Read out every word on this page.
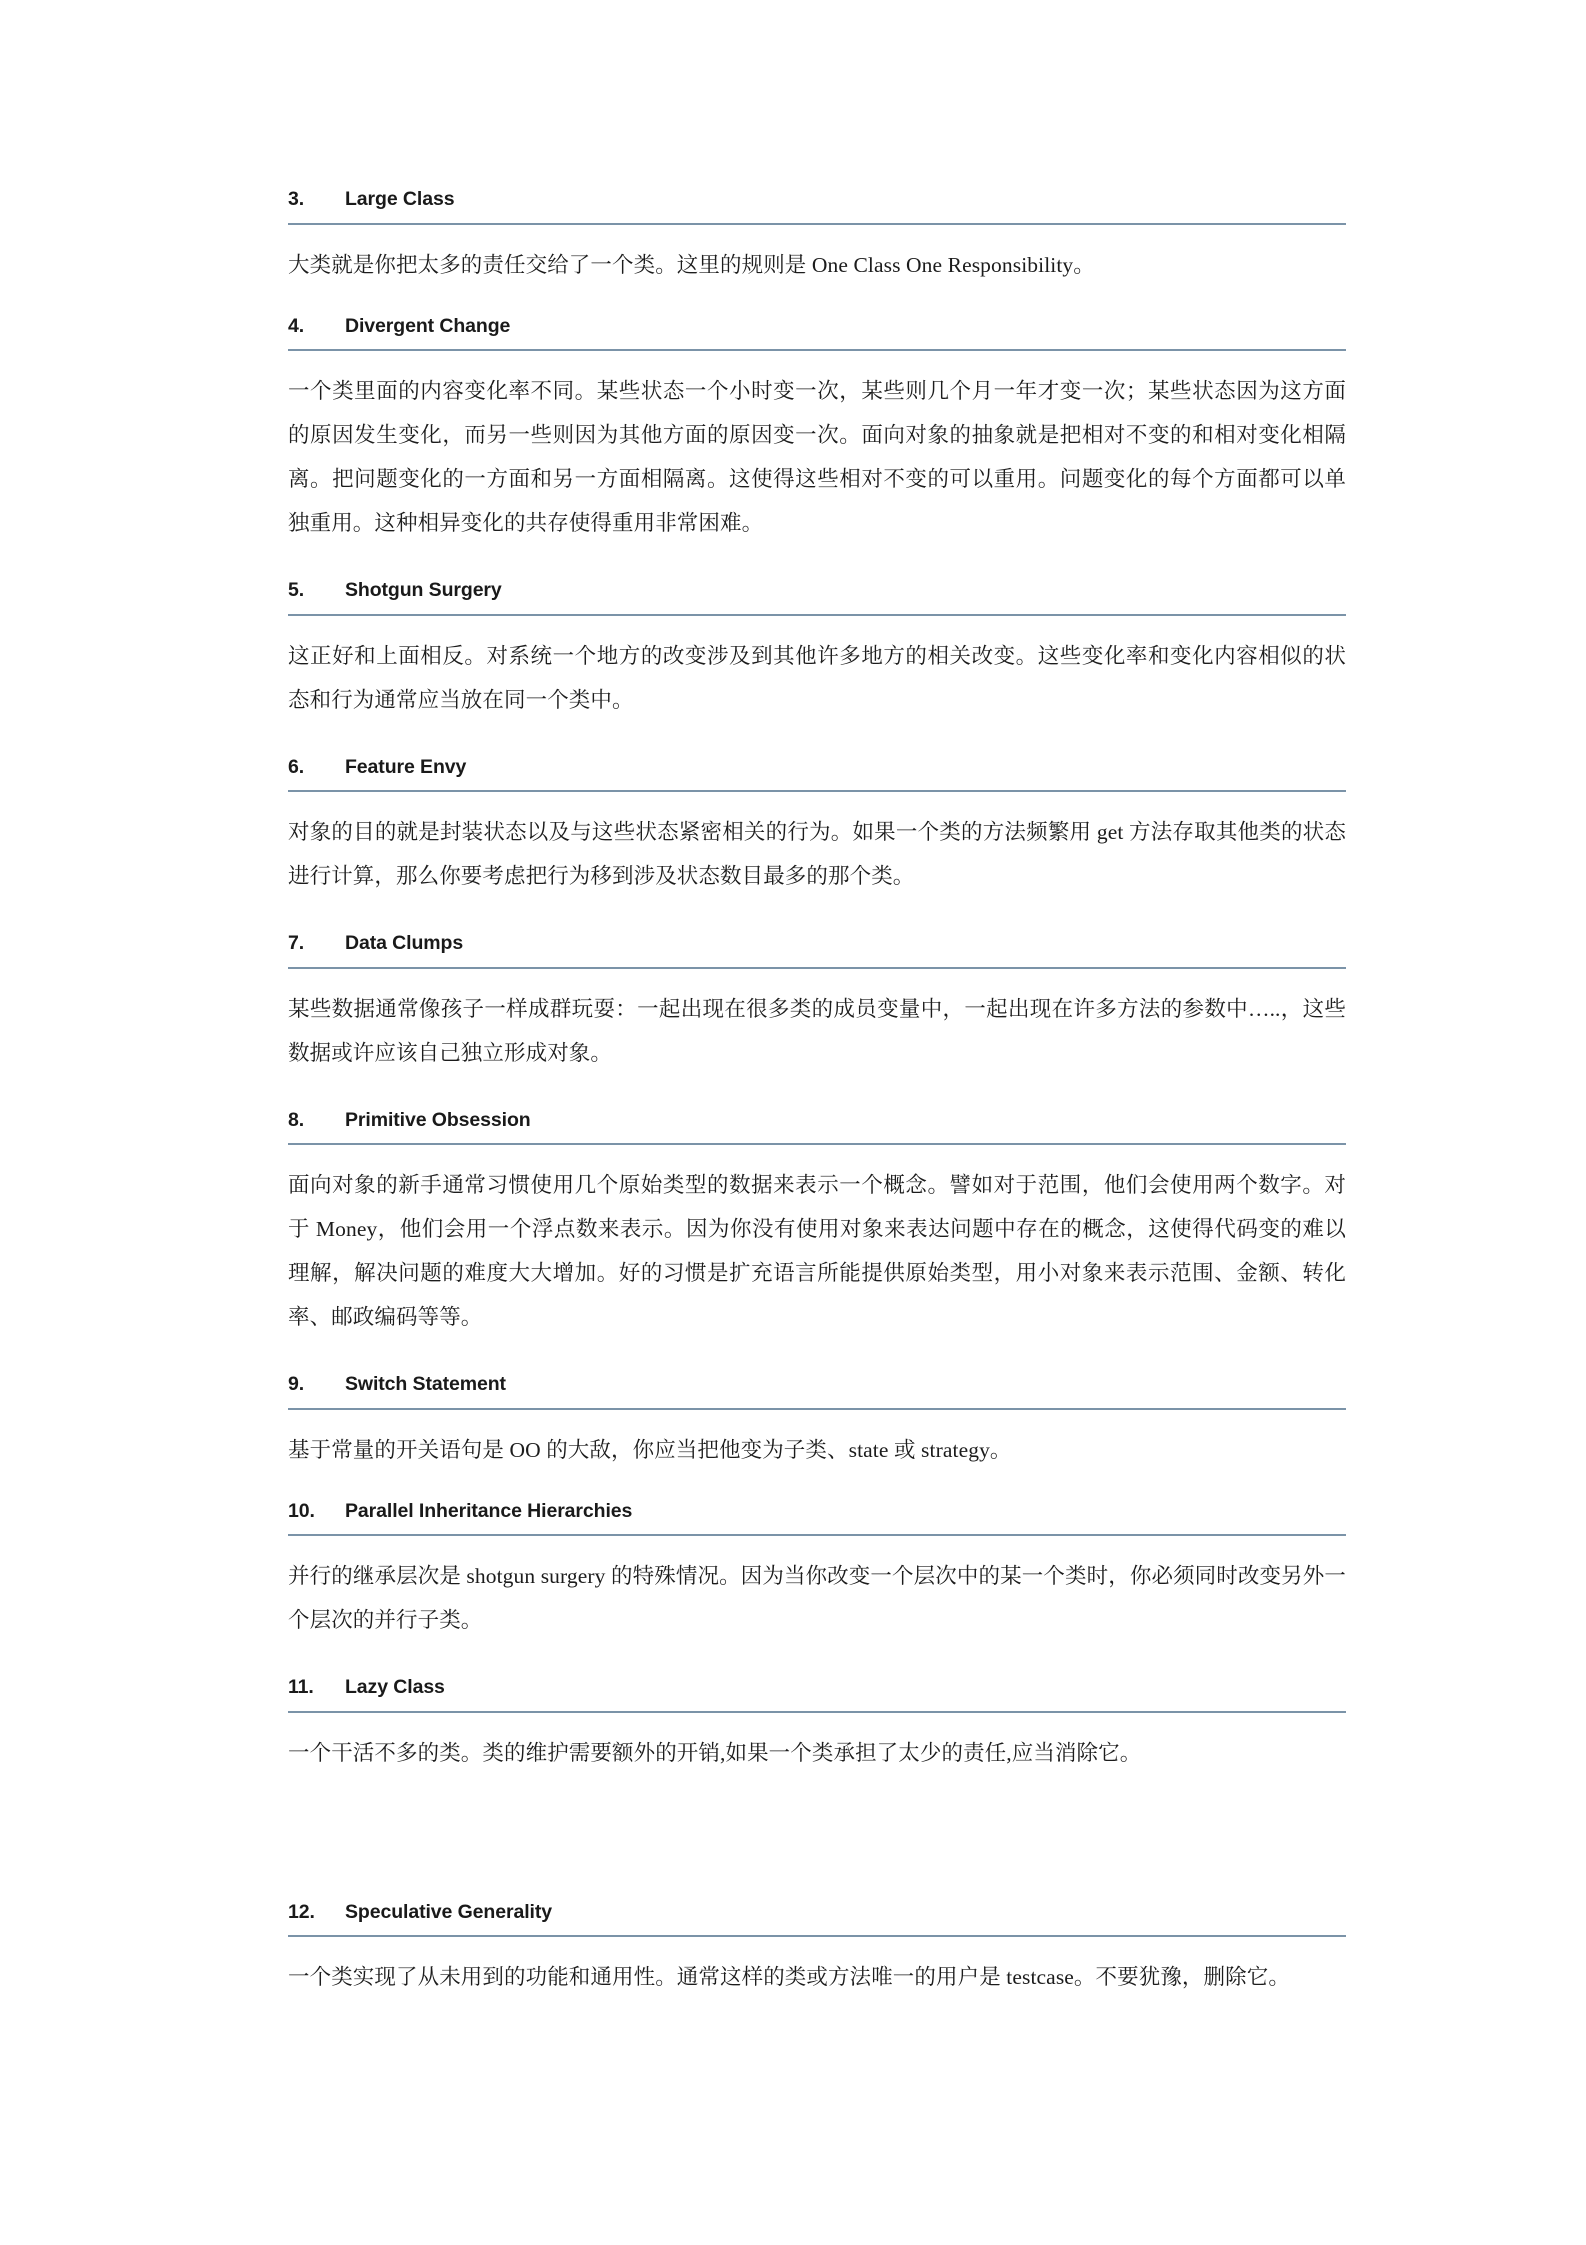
3.	Large Class

大类就是你把太多的责任交给了一个类。这里的规则是 One Class One Responsibility。

4.	Divergent Change

一个类里面的内容变化率不同。某些状态一个小时变一次，某些则几个月一年才变一次；某些状态因为这方面的原因发生变化，而另一些则因为其他方面的原因变一次。面向对象的抽象就是把相对不变的和相对变化相隔离。把问题变化的一方面和另一方面相隔离。这使得这些相对不变的可以重用。问题变化的每个方面都可以单独重用。这种相异变化的共存使得重用非常困难。

5.	Shotgun Surgery

这正好和上面相反。对系统一个地方的改变涉及到其他许多地方的相关改变。这些变化率和变化内容相似的状态和行为通常应当放在同一个类中。

6.	Feature Envy

对象的目的就是封装状态以及与这些状态紧密相关的行为。如果一个类的方法频繁用 get 方法存取其他类的状态进行计算，那么你要考虑把行为移到涉及状态数目最多的那个类。

7.	Data Clumps

某些数据通常像孩子一样成群玩耍：一起出现在很多类的成员变量中，一起出现在许多方法的参数中…..，这些数据或许应该自己独立形成对象。

8.	Primitive Obsession

面向对象的新手通常习惯使用几个原始类型的数据来表示一个概念。譬如对于范围，他们会使用两个数字。对于 Money，他们会用一个浮点数来表示。因为你没有使用对象来表达问题中存在的概念，这使得代码变的难以理解，解决问题的难度大大增加。好的习惯是扩充语言所能提供原始类型，用小对象来表示范围、金额、转化率、邮政编码等等。

9.	Switch Statement

基于常量的开关语句是 OO 的大敌，你应当把他变为子类、state 或 strategy。

10.	Parallel Inheritance Hierarchies

并行的继承层次是 shotgun surgery 的特殊情况。因为当你改变一个层次中的某一个类时，你必须同时改变另外一个层次的并行子类。

11.	Lazy Class

一个干活不多的类。类的维护需要额外的开销,如果一个类承担了太少的责任,应当消除它。

12.	Speculative Generality

一个类实现了从未用到的功能和通用性。通常这样的类或方法唯一的用户是 testcase。不要犹豫，删除它。
